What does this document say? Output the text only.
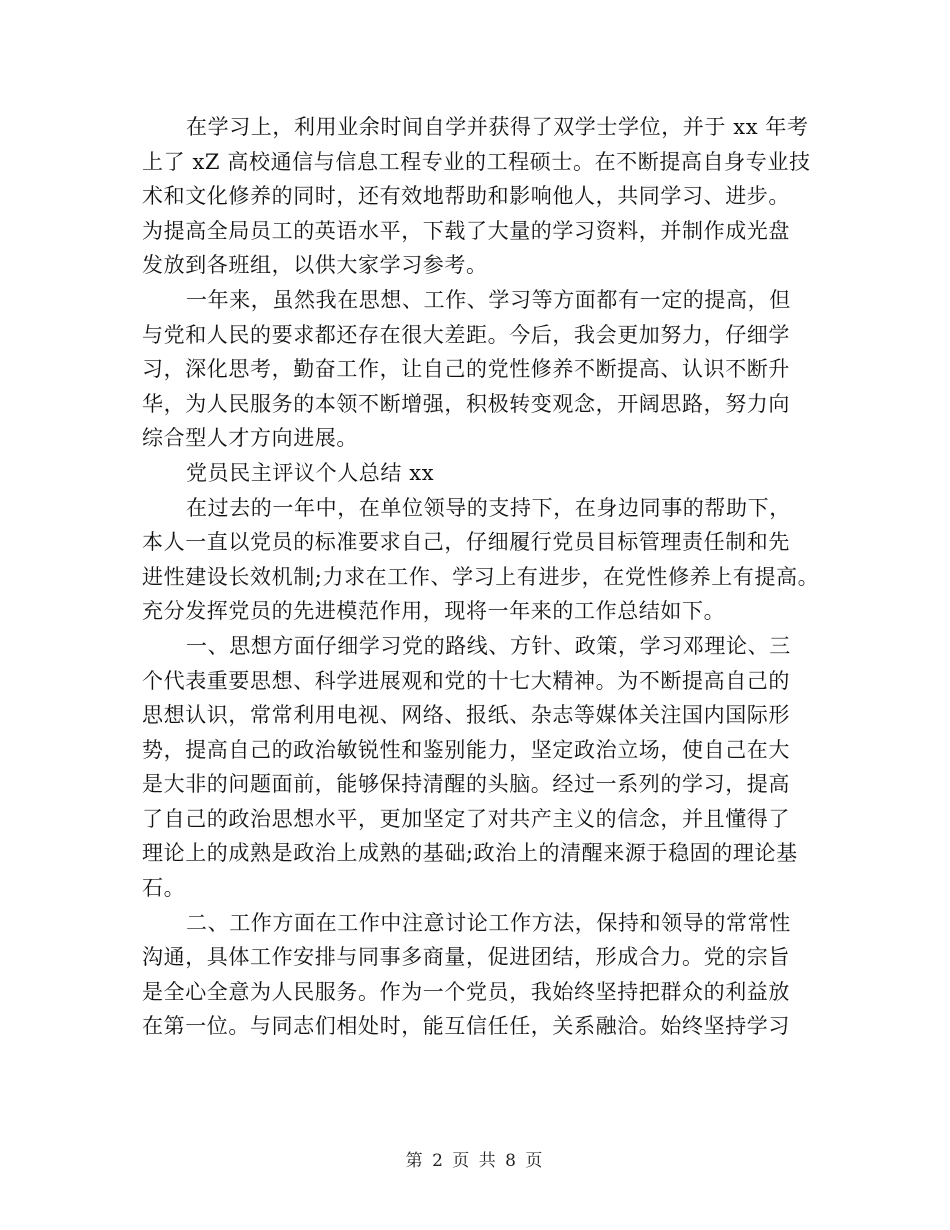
在学习上，利用业余时间自学并获得了双学士学位，并于 xx 年考
上了 xZ 高校通信与信息工程专业的工程硕士。在不断提高自身专业技
术和文化修养的同时，还有效地帮助和影响他人，共同学习、进步。
为提高全局员工的英语水平，下载了大量的学习资料，并制作成光盘
发放到各班组，以供大家学习参考。
一年来，虽然我在思想、工作、学习等方面都有一定的提高，但
与党和人民的要求都还存在很大差距。今后，我会更加努力，仔细学
习，深化思考，勤奋工作，让自己的党性修养不断提高、认识不断升
华，为人民服务的本领不断增强，积极转变观念，开阔思路，努力向
综合型人才方向进展。
党员民主评议个人总结 xx
在过去的一年中，在单位领导的支持下，在身边同事的帮助下，
本人一直以党员的标准要求自己，仔细履行党员目标管理责任制和先
进性建设长效机制;力求在工作、学习上有进步，在党性修养上有提高。
充分发挥党员的先进模范作用，现将一年来的工作总结如下。
一、思想方面仔细学习党的路线、方针、政策，学习邓理论、三
个代表重要思想、科学进展观和党的十七大精神。为不断提高自己的
思想认识，常常利用电视、网络、报纸、杂志等媒体关注国内国际形
势，提高自己的政治敏锐性和鉴别能力，坚定政治立场，使自己在大
是大非的问题面前，能够保持清醒的头脑。经过一系列的学习，提高
了自己的政治思想水平，更加坚定了对共产主义的信念，并且懂得了
理论上的成熟是政治上成熟的基础;政治上的清醒来源于稳固的理论基
石。
二、工作方面在工作中注意讨论工作方法，保持和领导的常常性
沟通，具体工作安排与同事多商量，促进团结，形成合力。党的宗旨
是全心全意为人民服务。作为一个党员，我始终坚持把群众的利益放
在第一位。与同志们相处时，能互信任任，关系融洽。始终坚持学习
第 2 页 共 8 页
